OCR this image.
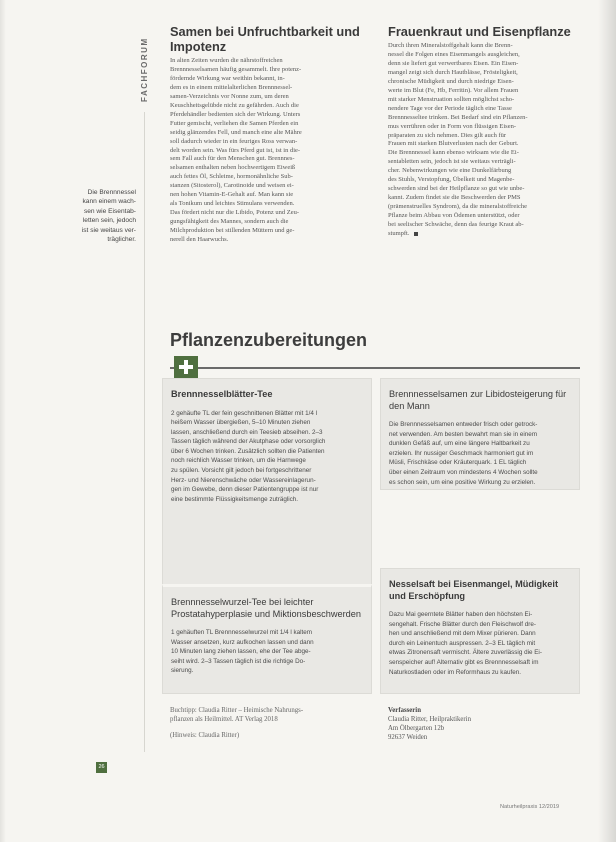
FACHFORUM
Die Brennnessel
kann einem wach-
sen wie Eisentab-
letten sein, jedoch
ist sie weitaus ver-
träglicher.
Samen bei Unfruchtbarkeit und Impotenz

In alten Zeiten wurden die nährstoffreichen
Brennnesselsamen häufig gesammelt. Ihre potenz-
fördernde Wirkung war weithin bekannt, in-
dem es in einem mittelalterlichen Brennnessel-
samen-Verzeichnis vor Nonne zum, um deren
Keuschheitsgelübde nicht zu gefährden. Auch die
Pferdehändler bedienten sich der Wirkung. Unters
Futter gemischt, verliehen die Samen Pferden ein
seidig glänzendes Fell, und manch eine alte Mähre
soll dadurch wieder in ein feuriges Ross verwan-
delt worden sein. Was fürs Pferd gut ist, ist in die-
sem Fall auch für den Menschen gut. Brennnes-
selsamen enthalten neben hochwertigem Eiweiß
auch fettes Öl, Schleime, hormonähnliche Sub-
stanzen (Sitosterol), Carotinoide und weisen ei-
nen hohen Vitamin-E-Gehalt auf. Man kann sie
als Tonikum und leichtes Stimulans verwenden.
Das fördert nicht nur die Libido, Potenz und Zeu-
gungsfähigkeit des Mannes, sondern auch die
Milchproduktion bei stillenden Müttern und ge-
nerell den Haarwuchs.

Frauenkraut und Eisenpflanze

Durch ihren Mineralstoffgehalt kann die Brenn-
nessel die Folgen eines Eisenmangels ausgleichen,
denn sie liefert gut verwertbares Eisen. Ein Eisen-
mangel zeigt sich durch Hautblässe, Frösteligkeit,
chronische Müdigkeit und durch niedrige Eisen-
werte im Blut (Fe, Hb, Ferritin). Vor allem Frauen
mit starker Menstruation sollten möglichst scho-
nendere Tage vor der Periode täglich eine Tasse
Brennnesseltee trinken. Bei Bedarf sind ein Pflanzen-
mus verrühren oder in Form von flüssigen Eisen-
präparaten zu sich nehmen. Dies gilt auch für
Frauen mit starken Blutverlusten nach der Geburt.
Die Brennnessel kann ebenso wirksam wie die Ei-
sentabletten sein, jedoch ist sie weitaus verträgli-
cher. Nebenwirkungen wie eine Dunkelfärbung
des Stuhls, Verstopfung, Übelkeit und Magenbe-
schwerden sind bei der Heilpflanze so gut wie unbe-
kannt. Zudem findet sie die Beschwerden der PMS
(prämenstruelles Syndrom), da die mineralstoffreiche
Pflanze beim Abbau von Ödemen unterstützt, oder
bei seelischer Schwäche, denn das feurige Kraut ab-
stumpft.

Pflanzenzubereitungen
Brennnesselblätter-Tee

2 gehäufte TL der fein geschnittenen Blätter mit 1/4 l
heißem Wasser übergießen, 5–10 Minuten ziehen
lassen, anschließend durch ein Teesieb abseihen. 2–3
Tassen täglich während der Akutphase oder vorsorglich
über 6 Wochen trinken. Zusätzlich sollten die Patienten
noch reichlich Wasser trinken, um die Harnwege
zu spülen. Vorsicht gilt jedoch bei fortgeschrittener
Herz- und Nierenschwäche oder Wassereinlagerun-
gen im Gewebe, denn dieser Patientengruppe ist nur
eine bestimmte Flüssigkeitsmenge zuträglich.

Brennnesselwurzel-Tee bei leichter Prostatahyperplasie und Miktionsbeschwerden

1 gehäuften TL Brennnesselwurzel mit 1/4 l kaltem
Wasser ansetzen, kurz aufkochen lassen und dann
10 Minuten lang ziehen lassen, ehe der Tee abge-
seiht wird. 2–3 Tassen täglich ist die richtige Do-
sierung.

Brennnesselsamen zur Libidosteigerung für den Mann

Die Brennnesselsamen entweder frisch oder getrock-
net verwenden. Am besten bewahrt man sie in einem
dunklen Gefäß auf, um eine längere Haltbarkeit zu
erzielen. Ihr nussiger Geschmack harmoniert gut im
Müsli, Frischkäse oder Kräuterquark. 1 EL täglich
über einen Zeitraum von mindestens 4 Wochen sollte
es schon sein, um eine positive Wirkung zu erzielen.

Nesselsaft bei Eisenmangel, Müdigkeit und Erschöpfung

Dazu Mai geerntete Blätter haben den höchsten Ei-
sengehalt. Frische Blätter durch den Fleischwolf dre-
hen und anschließend mit dem Mixer pürieren. Dann
durch ein Leinentuch auspressen. 2–3 EL täglich mit
etwas Zitronensaft vermischt. Ältere zuverlässig die Ei-
senspeicher auf! Alternativ gibt es Brennnesselsaft im
Naturkostladen oder im Reformhaus zu kaufen.

Buchtipp: Claudia Ritter – Heimische Nahrungs-
pflanzen als Heilmittel. AT Verlag 2018

(Hinweis: Claudia Ritter)

Verfasserin
Claudia Ritter, Heilpraktikerin
Am Ölbergarten 12b
92637 Weiden
26
Naturheilpraxis 12/2019
